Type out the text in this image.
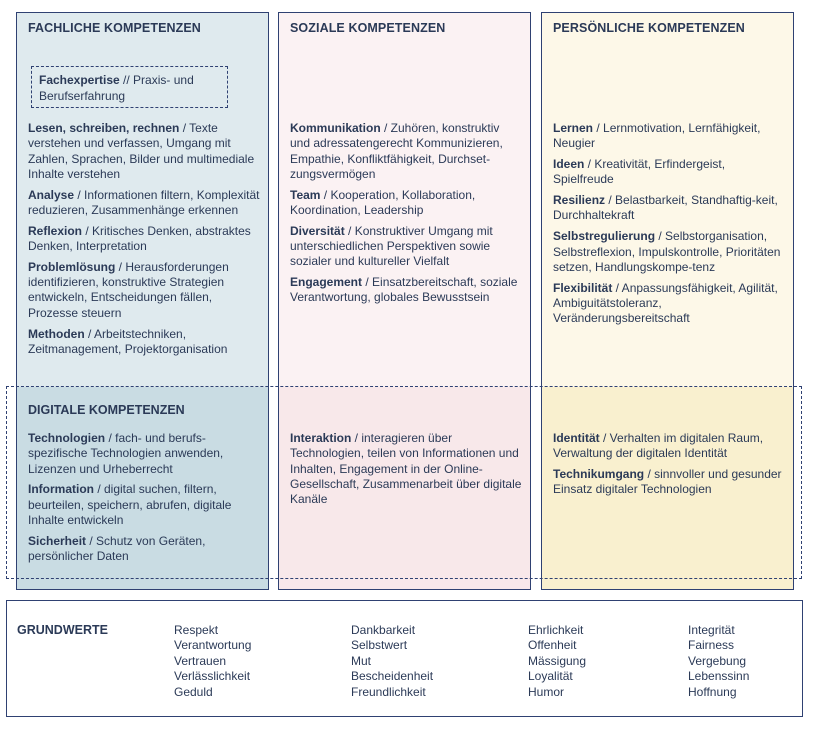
FACHLICHE KOMPETENZEN
Fachexpertise // Praxis- und Berufserfahrung

Lesen, schreiben, rechnen / Texte verstehen und verfassen, Umgang mit Zahlen, Sprachen, Bilder und multimediale Inhalte verstehen

Analyse / Informationen filtern, Komplexität reduzieren, Zusammenhänge erkennen

Reflexion / Kritisches Denken, abstraktes Denken, Interpretation

Problemlösung / Herausforderungen identifizieren, konstruktive Strategien entwickeln, Entscheidungen fällen, Prozesse steuern

Methoden / Arbeitstechniken, Zeitmanagement, Projektorganisation

DIGITALE KOMPETENZEN

Technologien / fach- und berufs-spezifische Technologien anwenden, Lizenzen und Urheberrecht

Information / digital suchen, filtern, beurteilen, speichern, abrufen, digitale Inhalte entwickeln

Sicherheit / Schutz von Geräten, persönlicher Daten

SOZIALE KOMPETENZEN

Kommunikation / Zuhören, konstruktiv und adressatengerecht Kommunizieren, Empathie, Konfliktfähigkeit, Durchset-zungsvermögen

Team / Kooperation, Kollaboration, Koordination, Leadership

Diversität / Konstruktiver Umgang mit unterschiedlichen Perspektiven sowie sozialer und kultureller Vielfalt

Engagement / Einsatzbereitschaft, soziale Verantwortung, globales Bewusstsein

Interaktion / interagieren über Technologien, teilen von Informationen und Inhalten, Engagement in der Online-Gesellschaft, Zusammenarbeit über digitale Kanäle

PERSÖNLICHE KOMPETENZEN

Lernen / Lernmotivation, Lernfähigkeit, Neugier

Ideen / Kreativität, Erfindergeist, Spielfreude

Resilienz / Belastbarkeit, Standhaftig-keit, Durchhaltekraft

Selbstregulierung / Selbstorganisation, Selbstreflexion, Impulskontrolle, Prioritäten setzen, Handlungskompe-tenz

Flexibilität / Anpassungsfähigkeit, Agilität, Ambiguitätstoleranz, Veränderungsbereitschaft

Identität / Verhalten im digitalen Raum, Verwaltung der digitalen Identität

Technikumgang / sinnvoller und gesunder Einsatz digitaler Technologien

GRUNDWERTE	Respekt
Verantwortung
Vertrauen
Verlässlichkeit
Geduld
Dankbarkeit
Selbstwert
Mut
Bescheidenheit
Freundlichkeit
Ehrlichkeit
Offenheit
Mässigung
Loyalität
Humor
Integrität
Fairness
Vergebung
Lebenssinn
Hoffnung
